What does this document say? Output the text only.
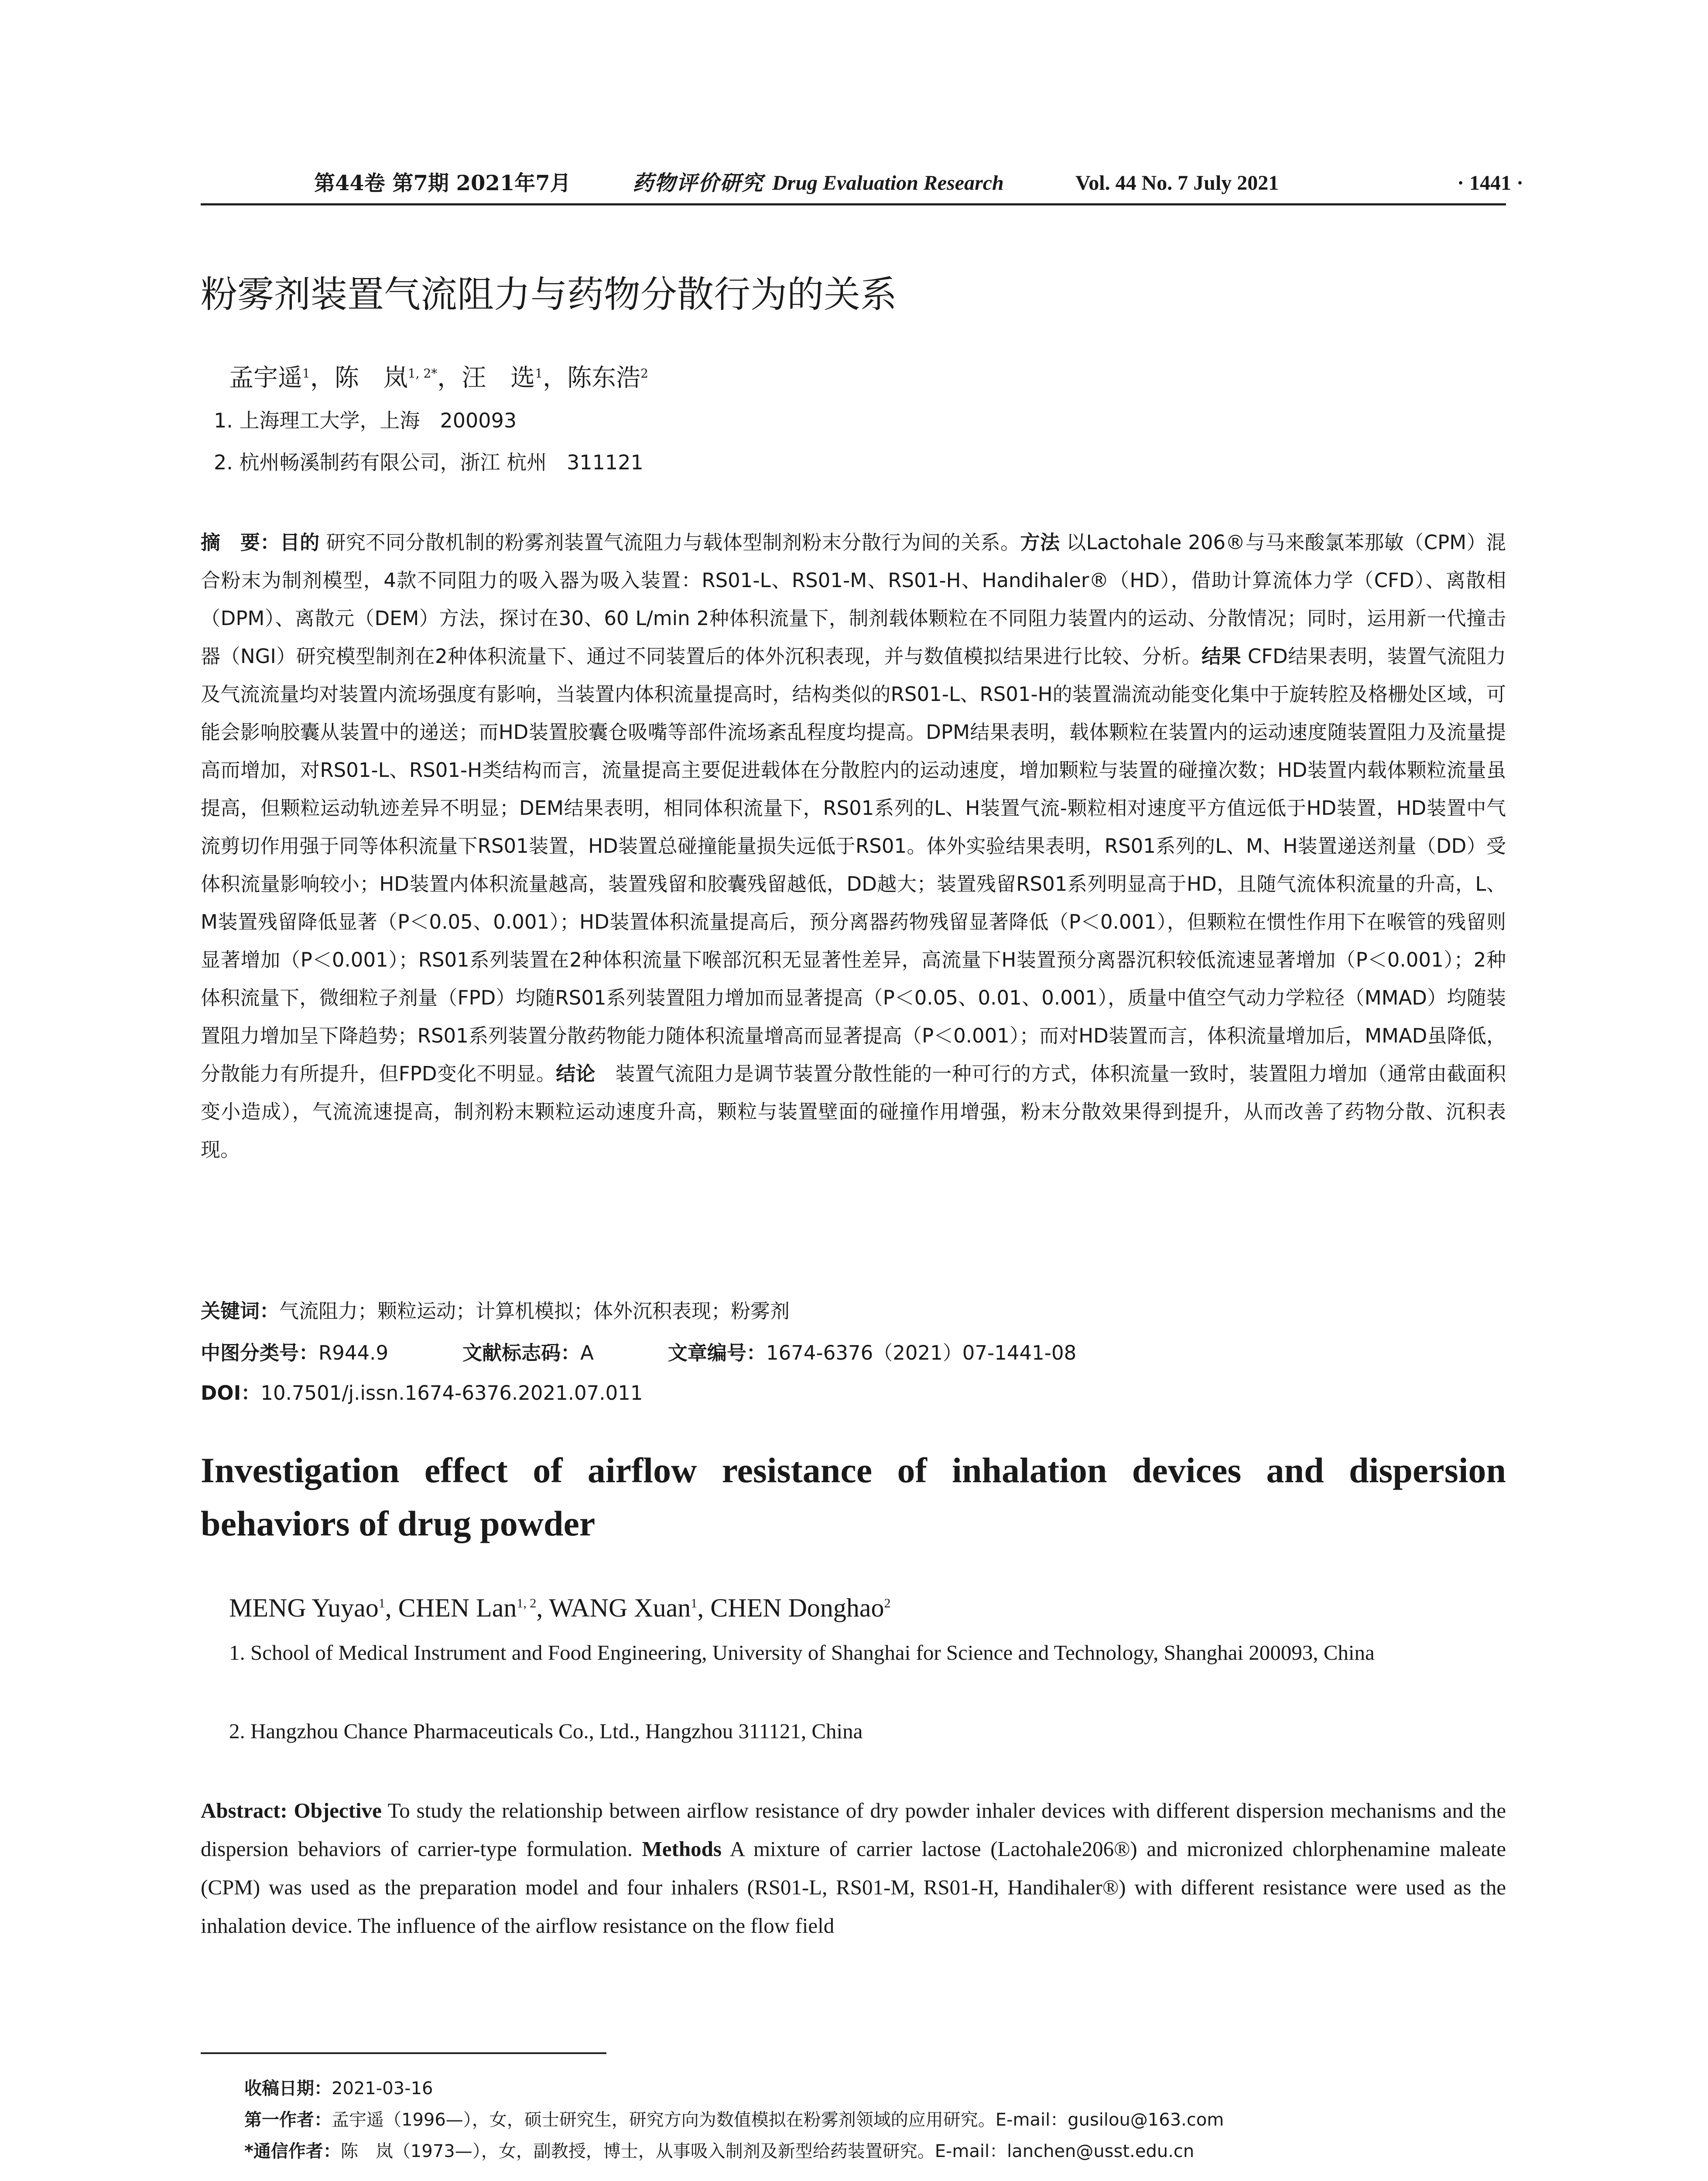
第44卷 第7期 2021年7月	药物评价研究 Drug Evaluation Research	Vol. 44 No. 7 July 2021	· 1441 ·
粉雾剂装置气流阻力与药物分散行为的关系
孟宇遥$^1$，陈　岚$^{1, 2*}$，汪　选$^1$，陈东浩$^2$
1. 上海理工大学，上海　200093
2. 杭州畅溪制药有限公司，浙江 杭州　311121
摘　要：目的 研究不同分散机制的粉雾剂装置气流阻力与载体型制剂粉末分散行为间的关系。方法 以Lactohale 206®与马来酸氯苯那敏（CPM）混合粉末为制剂模型，4款不同阻力的吸入器为吸入装置：RS01-L、RS01-M、RS01-H、Handihaler®（HD），借助计算流体力学（CFD）、离散相（DPM）、离散元（DEM）方法，探讨在30、60 L/min 2种体积流量下，制剂载体颗粒在不同阻力装置内的运动、分散情况；同时，运用新一代撞击器（NGI）研究模型制剂在2种体积流量下、通过不同装置后的体外沉积表现，并与数值模拟结果进行比较、分析。结果 CFD结果表明，装置气流阻力及气流流量均对装置内流场强度有影响，当装置内体积流量提高时，结构类似的RS01-L、RS01-H的装置湍流动能变化集中于旋转腔及格栅处区域，可能会影响胶囊从装置中的递送；而HD装置胶囊仓吸嘴等部件流场紊乱程度均提高。DPM结果表明，载体颗粒在装置内的运动速度随装置阻力及流量提高而增加，对RS01-L、RS01-H类结构而言，流量提高主要促进载体在分散腔内的运动速度，增加颗粒与装置的碰撞次数；HD装置内载体颗粒流量虽提高，但颗粒运动轨迹差异不明显；DEM结果表明，相同体积流量下，RS01系列的L、H装置气流-颗粒相对速度平方值远低于HD装置，HD装置中气流剪切作用强于同等体积流量下RS01装置，HD装置总碰撞能量损失远低于RS01。体外实验结果表明，RS01系列的L、M、H装置递送剂量（DD）受体积流量影响较小；HD装置内体积流量越高，装置残留和胶囊残留越低，DD越大；装置残留RS01系列明显高于HD，且随气流体积流量的升高，L、M装置残留降低显著（P＜0.05、0.001）；HD装置体积流量提高后，预分离器药物残留显著降低（P＜0.001），但颗粒在惯性作用下在喉管的残留则显著增加（P＜0.001）；RS01系列装置在2种体积流量下喉部沉积无显著性差异，高流量下H装置预分离器沉积较低流速显著增加（P＜0.001）；2种体积流量下，微细粒子剂量（FPD）均随RS01系列装置阻力增加而显著提高（P＜0.05、0.01、0.001），质量中值空气动力学粒径（MMAD）均随装置阻力增加呈下降趋势；RS01系列装置分散药物能力随体积流量增高而显著提高（P＜0.001）；而对HD装置而言，体积流量增加后，MMAD虽降低，分散能力有所提升，但FPD变化不明显。结论　装置气流阻力是调节装置分散性能的一种可行的方式，体积流量一致时，装置阻力增加（通常由截面积变小造成），气流流速提高，制剂粉末颗粒运动速度升高，颗粒与装置壁面的碰撞作用增强，粉末分散效果得到提升，从而改善了药物分散、沉积表现。
关键词：气流阻力；颗粒运动；计算机模拟；体外沉积表现；粉雾剂
中图分类号：R944.9	文献标志码：A	文章编号：1674-6376（2021）07-1441-08
DOI：10.7501/j.issn.1674-6376.2021.07.011
Investigation effect of airflow resistance of inhalation devices and dispersion behaviors of drug powder
MENG Yuyao$^1$, CHEN Lan$^{1, 2}$, WANG Xuan$^1$, CHEN Donghao$^2$
1. School of Medical Instrument and Food Engineering, University of Shanghai for Science and Technology, Shanghai 200093, China
2. Hangzhou Chance Pharmaceuticals Co., Ltd., Hangzhou 311121, China
Abstract: Objective To study the relationship between airflow resistance of dry powder inhaler devices with different dispersion mechanisms and the dispersion behaviors of carrier-type formulation. Methods A mixture of carrier lactose (Lactohale206®) and micronized chlorphenamine maleate (CPM) was used as the preparation model and four inhalers (RS01-L, RS01-M, RS01-H, Handihaler®) with different resistance were used as the inhalation device. The influence of the airflow resistance on the flow field
收稿日期：2021-03-16
第一作者：孟宇遥（1996—），女，硕士研究生，研究方向为数值模拟在粉雾剂领域的应用研究。E-mail：gusilou@163.com
*通信作者：陈　岚（1973—），女，副教授，博士，从事吸入制剂及新型给药装置研究。E-mail：lanchen@usst.edu.cn
